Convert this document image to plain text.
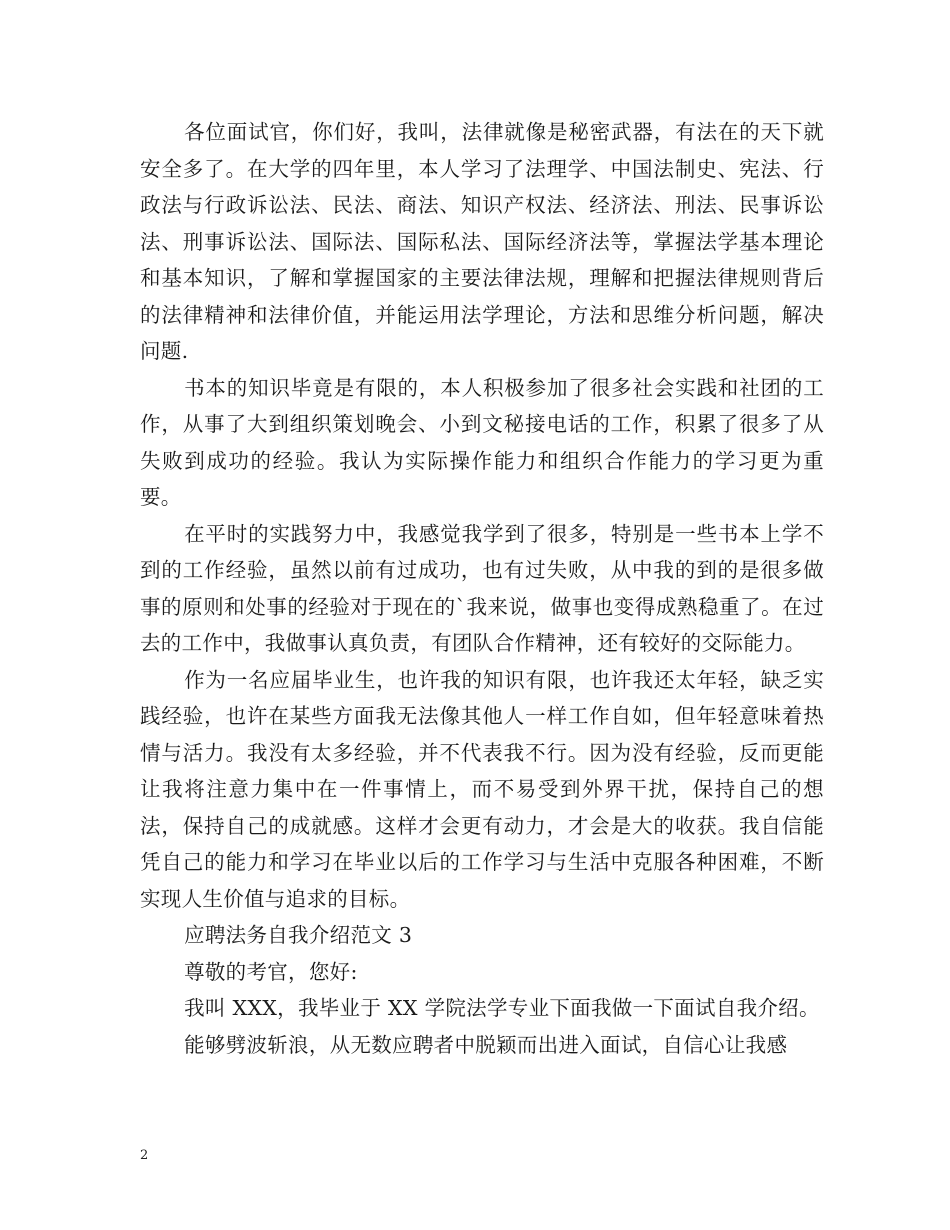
各位面试官，你们好，我叫，法律就像是秘密武器，有法在的天下就安全多了。在大学的四年里，本人学习了法理学、中国法制史、宪法、行政法与行政诉讼法、民法、商法、知识产权法、经济法、刑法、民事诉讼法、刑事诉讼法、国际法、国际私法、国际经济法等，掌握法学基本理论和基本知识，了解和掌握国家的主要法律法规，理解和把握法律规则背后的法律精神和法律价值，并能运用法学理论，方法和思维分析问题，解决问题.

书本的知识毕竟是有限的，本人积极参加了很多社会实践和社团的工作，从事了大到组织策划晚会、小到文秘接电话的工作，积累了很多了从失败到成功的经验。我认为实际操作能力和组织合作能力的学习更为重要。

在平时的实践努力中，我感觉我学到了很多，特别是一些书本上学不到的工作经验，虽然以前有过成功，也有过失败，从中我的到的是很多做事的原则和处事的经验对于现在的`我来说，做事也变得成熟稳重了。在过去的工作中，我做事认真负责，有团队合作精神，还有较好的交际能力。

作为一名应届毕业生，也许我的知识有限，也许我还太年轻，缺乏实践经验，也许在某些方面我无法像其他人一样工作自如，但年轻意味着热情与活力。我没有太多经验，并不代表我不行。因为没有经验，反而更能让我将注意力集中在一件事情上，而不易受到外界干扰，保持自己的想法，保持自己的成就感。这样才会更有动力，才会是大的收获。我自信能凭自己的能力和学习在毕业以后的工作学习与生活中克服各种困难，不断实现人生价值与追求的目标。

应聘法务自我介绍范文 3

尊敬的考官，您好:

我叫 XXX，我毕业于 XX 学院法学专业下面我做一下面试自我介绍。

能够劈波斩浪，从无数应聘者中脱颖而出进入面试，自信心让我感

2
